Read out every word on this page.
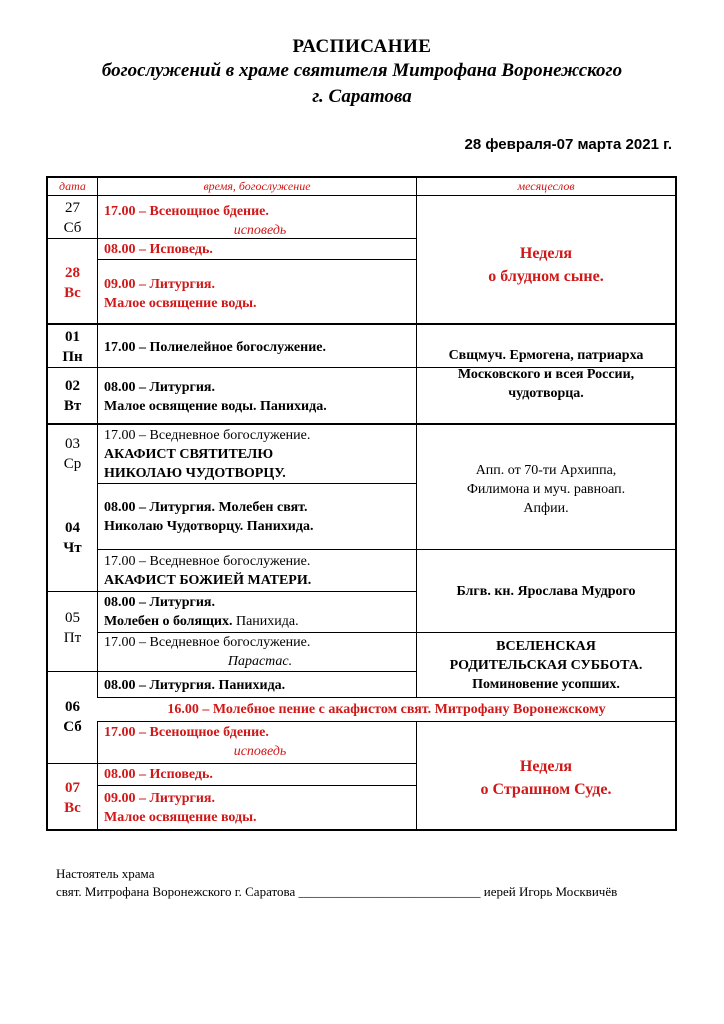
РАСПИСАНИЕ
богослужений в храме святителя Митрофана Воронежского
г. Саратова
28 февраля-07 марта 2021 г.
дата	время, богослужение	месяцеслов
27
Сб
28
Вс
01
Пн
02
Вт
03
Ср
04
Чт
05
Пт
06
Сб
07
Вс
17.00 – Всенощное бдение.
исповедь
08.00 – Исповедь.
09.00 – Литургия.
Малое освящение воды.
17.00 – Полиелейное богослужение.
08.00 – Литургия.
Малое освящение воды. Панихида.
17.00 – Вседневное богослужение.
АКАФИСТ СВЯТИТЕЛЮ
НИКОЛАЮ ЧУДОТВОРЦУ.
08.00 – Литургия. Молебен свят.
Николаю Чудотворцу. Панихида.
17.00 – Вседневное богослужение.
АКАФИСТ БОЖИЕЙ МАТЕРИ.
08.00 – Литургия.
Молебен о болящих. Панихида.
17.00 – Вседневное богослужение.
Парастас.
08.00 – Литургия. Панихида.
16.00 – Молебное пение с акафистом свят. Митрофану Воронежскому
17.00 – Всенощное бдение.
исповедь
08.00 – Исповедь.
09.00 – Литургия.
Малое освящение воды.
Неделя
о блудном сыне.
Свщмуч. Ермогена, патриарха
Московского и всея России,
чудотворца.
Апп. от 70-ти Архиппа,
Филимона и муч. равноап.
Апфии.
Блгв. кн. Ярослава Мудрого
ВСЕЛЕНСКАЯ
РОДИТЕЛЬСКАЯ СУББОТА.
Поминовение усопших.
Неделя
о Страшном Суде.
Настоятель храма
свят. Митрофана Воронежского г. Саратова ____________________________ иерей Игорь Москвичёв
